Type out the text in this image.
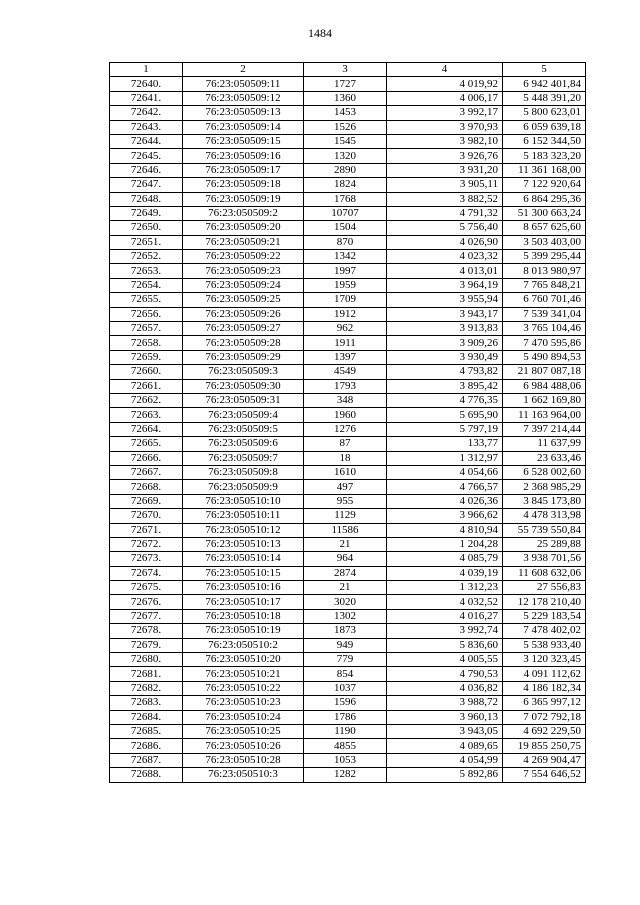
1484
1	2	3	4	5
72640.	76:23:050509:11	1727	4 019,92	6 942 401,84
72641.	76:23:050509:12	1360	4 006,17	5 448 391,20
72642.	76:23:050509:13	1453	3 992,17	5 800 623,01
72643.	76:23:050509:14	1526	3 970,93	6 059 639,18
72644.	76:23:050509:15	1545	3 982,10	6 152 344,50
72645.	76:23:050509:16	1320	3 926,76	5 183 323,20
72646.	76:23:050509:17	2890	3 931,20	11 361 168,00
72647.	76:23:050509:18	1824	3 905,11	7 122 920,64
72648.	76:23:050509:19	1768	3 882,52	6 864 295,36
72649.	76:23:050509:2	10707	4 791,32	51 300 663,24
72650.	76:23:050509:20	1504	5 756,40	8 657 625,60
72651.	76:23:050509:21	870	4 026,90	3 503 403,00
72652.	76:23:050509:22	1342	4 023,32	5 399 295,44
72653.	76:23:050509:23	1997	4 013,01	8 013 980,97
72654.	76:23:050509:24	1959	3 964,19	7 765 848,21
72655.	76:23:050509:25	1709	3 955,94	6 760 701,46
72656.	76:23:050509:26	1912	3 943,17	7 539 341,04
72657.	76:23:050509:27	962	3 913,83	3 765 104,46
72658.	76:23:050509:28	1911	3 909,26	7 470 595,86
72659.	76:23:050509:29	1397	3 930,49	5 490 894,53
72660.	76:23:050509:3	4549	4 793,82	21 807 087,18
72661.	76:23:050509:30	1793	3 895,42	6 984 488,06
72662.	76:23:050509:31	348	4 776,35	1 662 169,80
72663.	76:23:050509:4	1960	5 695,90	11 163 964,00
72664.	76:23:050509:5	1276	5 797,19	7 397 214,44
72665.	76:23:050509:6	87	133,77	11 637,99
72666.	76:23:050509:7	18	1 312,97	23 633,46
72667.	76:23:050509:8	1610	4 054,66	6 528 002,60
72668.	76:23:050509:9	497	4 766,57	2 368 985,29
72669.	76:23:050510:10	955	4 026,36	3 845 173,80
72670.	76:23:050510:11	1129	3 966,62	4 478 313,98
72671.	76:23:050510:12	11586	4 810,94	55 739 550,84
72672.	76:23:050510:13	21	1 204,28	25 289,88
72673.	76:23:050510:14	964	4 085,79	3 938 701,56
72674.	76:23:050510:15	2874	4 039,19	11 608 632,06
72675.	76:23:050510:16	21	1 312,23	27 556,83
72676.	76:23:050510:17	3020	4 032,52	12 178 210,40
72677.	76:23:050510:18	1302	4 016,27	5 229 183,54
72678.	76:23:050510:19	1873	3 992,74	7 478 402,02
72679.	76:23:050510:2	949	5 836,60	5 538 933,40
72680.	76:23:050510:20	779	4 005,55	3 120 323,45
72681.	76:23:050510:21	854	4 790,53	4 091 112,62
72682.	76:23:050510:22	1037	4 036,82	4 186 182,34
72683.	76:23:050510:23	1596	3 988,72	6 365 997,12
72684.	76:23:050510:24	1786	3 960,13	7 072 792,18
72685.	76:23:050510:25	1190	3 943,05	4 692 229,50
72686.	76:23:050510:26	4855	4 089,65	19 855 250,75
72687.	76:23:050510:28	1053	4 054,99	4 269 904,47
72688.	76:23:050510:3	1282	5 892,86	7 554 646,52
